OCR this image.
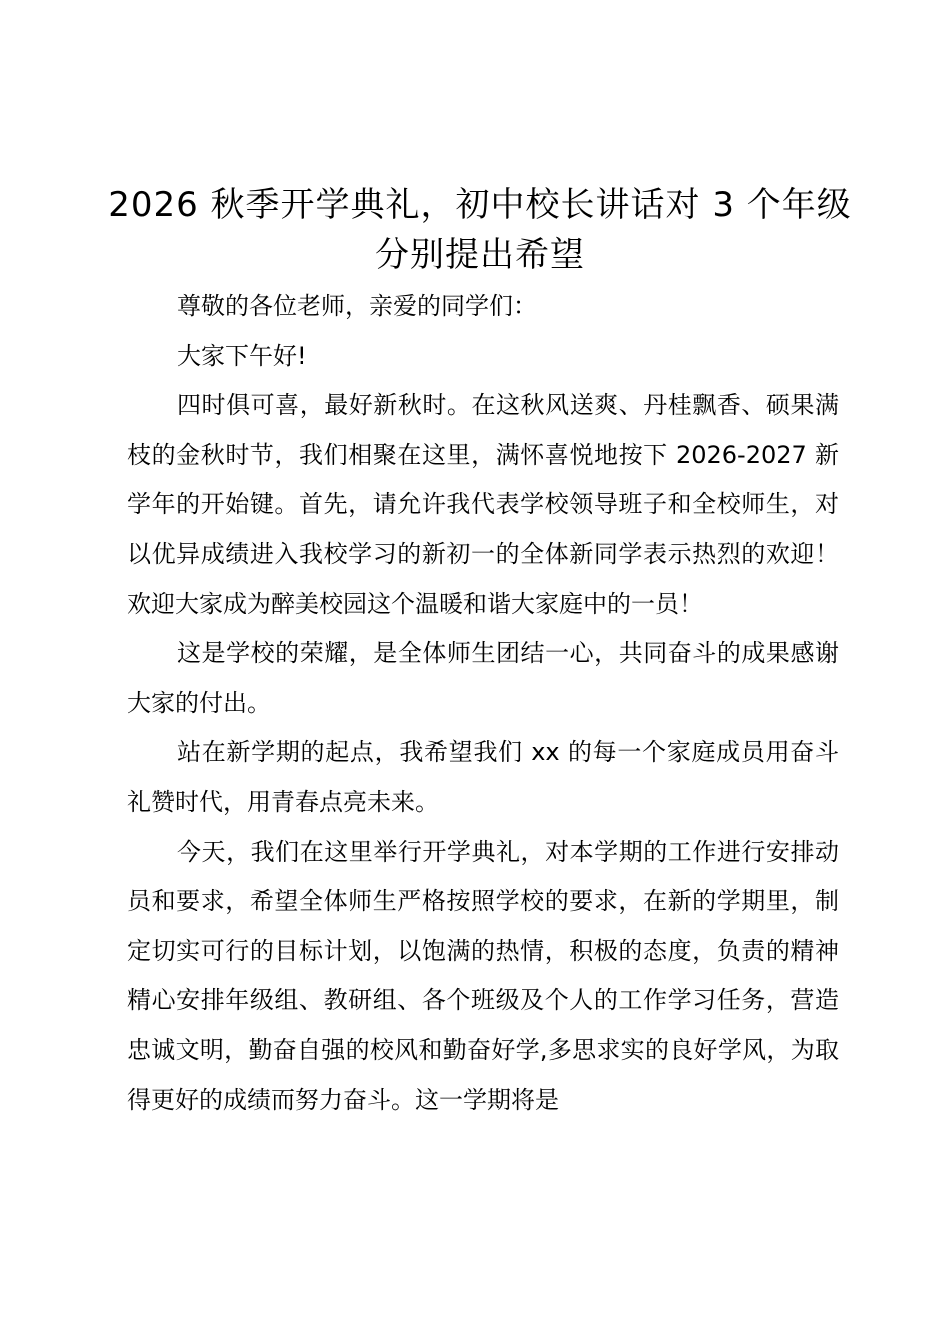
2026 秋季开学典礼，初中校长讲话对 3 个年级分别提出希望

尊敬的各位老师，亲爱的同学们：

大家下午好!

四时俱可喜，最好新秋时。在这秋风送爽、丹桂飘香、硕果满枝的金秋时节，我们相聚在这里，满怀喜悦地按下 2026-2027 新学年的开始键。首先，请允许我代表学校领导班子和全校师生，对以优异成绩进入我校学习的新初一的全体新同学表示热烈的欢迎！欢迎大家成为醉美校园这个温暖和谐大家庭中的一员！

这是学校的荣耀，是全体师生团结一心，共同奋斗的成果感谢大家的付出。

站在新学期的起点，我希望我们 xx 的每一个家庭成员用奋斗礼赞时代，用青春点亮未来。

今天，我们在这里举行开学典礼，对本学期的工作进行安排动员和要求，希望全体师生严格按照学校的要求，在新的学期里，制定切实可行的目标计划，以饱满的热情，积极的态度，负责的精神精心安排年级组、教研组、各个班级及个人的工作学习任务，营造忠诚文明，勤奋自强的校风和勤奋好学,多思求实的良好学风，为取得更好的成绩而努力奋斗。这一学期将是
